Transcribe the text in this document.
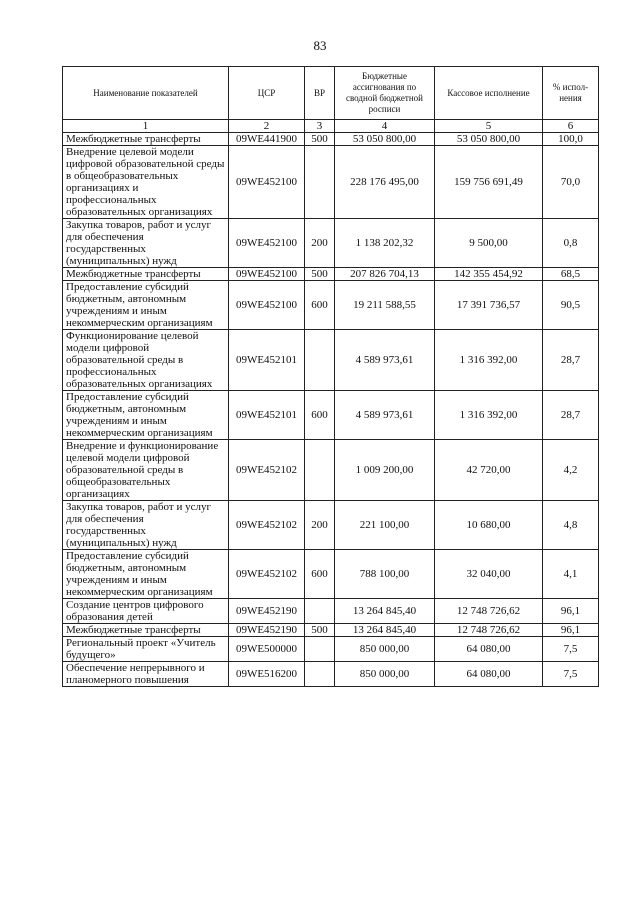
83
Наименование показателей	ЦСР	ВР	Бюджетные ассигнования по сводной бюджетной росписи	Кассовое исполнение	% испол-нения
1	2	3	4	5	6
Межбюджетные трансферты	09WE441900	500	53 050 800,00	53 050 800,00	100,0
Внедрение целевой модели цифровой образовательной среды в общеобразовательных организациях и профессиональных образовательных организациях	09WE452100		228 176 495,00	159 756 691,49	70,0
Закупка товаров, работ и услуг для обеспечения государственных (муниципальных) нужд	09WE452100	200	1 138 202,32	9 500,00	0,8
Межбюджетные трансферты	09WE452100	500	207 826 704,13	142 355 454,92	68,5
Предоставление субсидий бюджетным, автономным учреждениям и иным некоммерческим организациям	09WE452100	600	19 211 588,55	17 391 736,57	90,5
Функционирование целевой модели цифровой образовательной среды в профессиональных образовательных организациях	09WE452101		4 589 973,61	1 316 392,00	28,7
Предоставление субсидий бюджетным, автономным учреждениям и иным некоммерческим организациям	09WE452101	600	4 589 973,61	1 316 392,00	28,7
Внедрение и функционирование целевой модели цифровой образовательной среды в общеобразовательных организациях	09WE452102		1 009 200,00	42 720,00	4,2
Закупка товаров, работ и услуг для обеспечения государственных (муниципальных) нужд	09WE452102	200	221 100,00	10 680,00	4,8
Предоставление субсидий бюджетным, автономным учреждениям и иным некоммерческим организациям	09WE452102	600	788 100,00	32 040,00	4,1
Создание центров цифрового образования детей	09WE452190		13 264 845,40	12 748 726,62	96,1
Межбюджетные трансферты	09WE452190	500	13 264 845,40	12 748 726,62	96,1
Региональный проект «Учитель будущего»	09WE500000		850 000,00	64 080,00	7,5
Обеспечение непрерывного и планомерного повышения	09WE516200		850 000,00	64 080,00	7,5
